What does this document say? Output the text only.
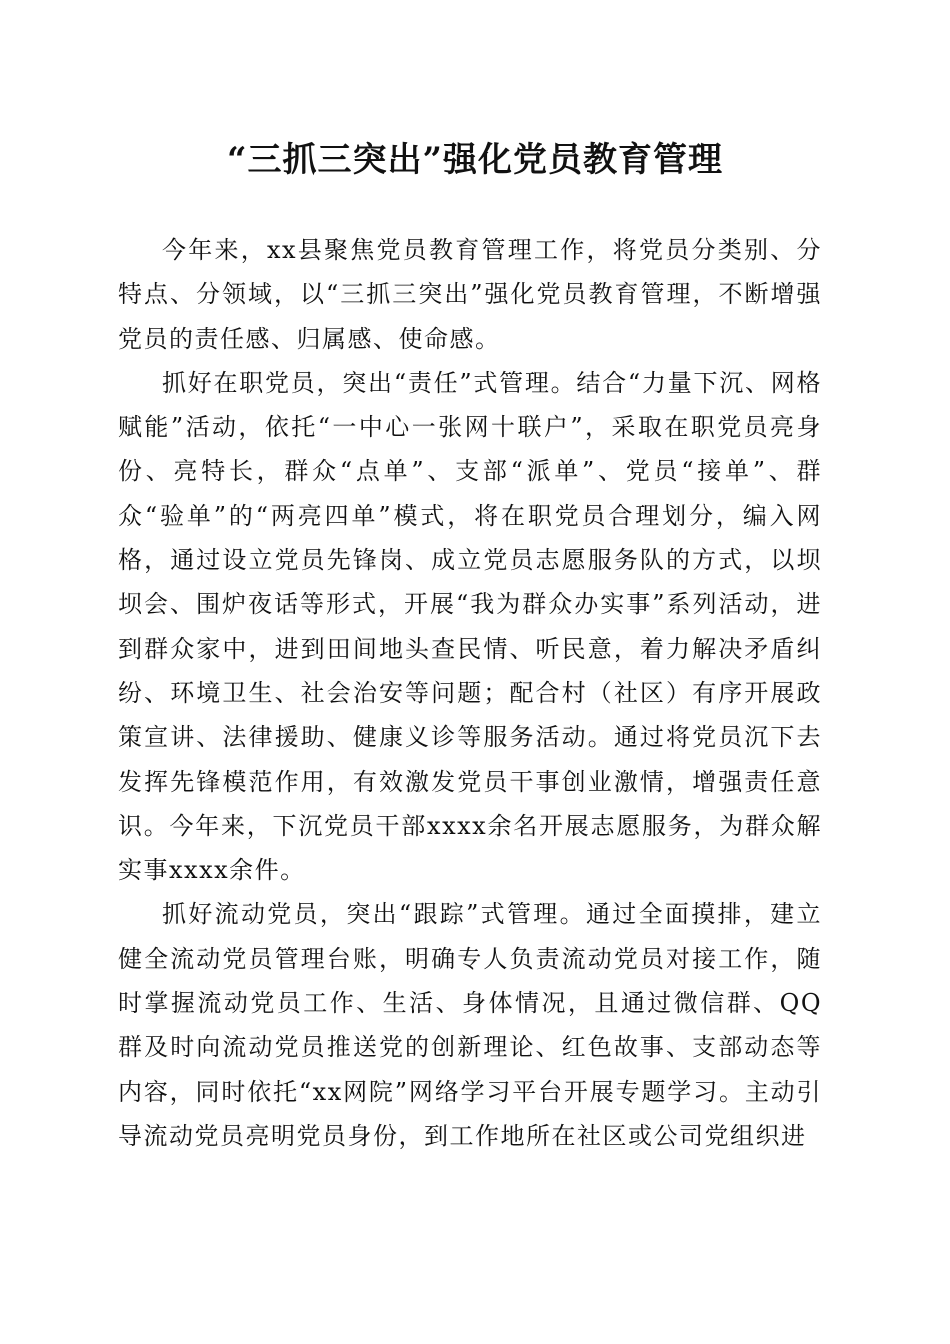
“三抓三突出”强化党员教育管理

今年来，xx县聚焦党员教育管理工作，将党员分类别、分特点、分领域，以“三抓三突出”强化党员教育管理，不断增强党员的责任感、归属感、使命感。

抓好在职党员，突出“责任”式管理。结合“力量下沉、网格赋能”活动，依托“一中心一张网十联户”，采取在职党员亮身份、亮特长，群众“点单”、支部“派单”、党员“接单”、群众“验单”的“两亮四单”模式，将在职党员合理划分，编入网格，通过设立党员先锋岗、成立党员志愿服务队的方式，以坝坝会、围炉夜话等形式，开展“我为群众办实事”系列活动，进到群众家中，进到田间地头查民情、听民意，着力解决矛盾纠纷、环境卫生、社会治安等问题；配合村（社区）有序开展政策宣讲、法律援助、健康义诊等服务活动。通过将党员沉下去发挥先锋模范作用，有效激发党员干事创业激情，增强责任意识。今年来，下沉党员干部xxxx余名开展志愿服务，为群众解实事xxxx余件。

抓好流动党员，突出“跟踪”式管理。通过全面摸排，建立健全流动党员管理台账，明确专人负责流动党员对接工作，随时掌握流动党员工作、生活、身体情况，且通过微信群、QQ群及时向流动党员推送党的创新理论、红色故事、支部动态等内容，同时依托“xx网院”网络学习平台开展专题学习。主动引导流动党员亮明党员身份，到工作地所在社区或公司党组织进
